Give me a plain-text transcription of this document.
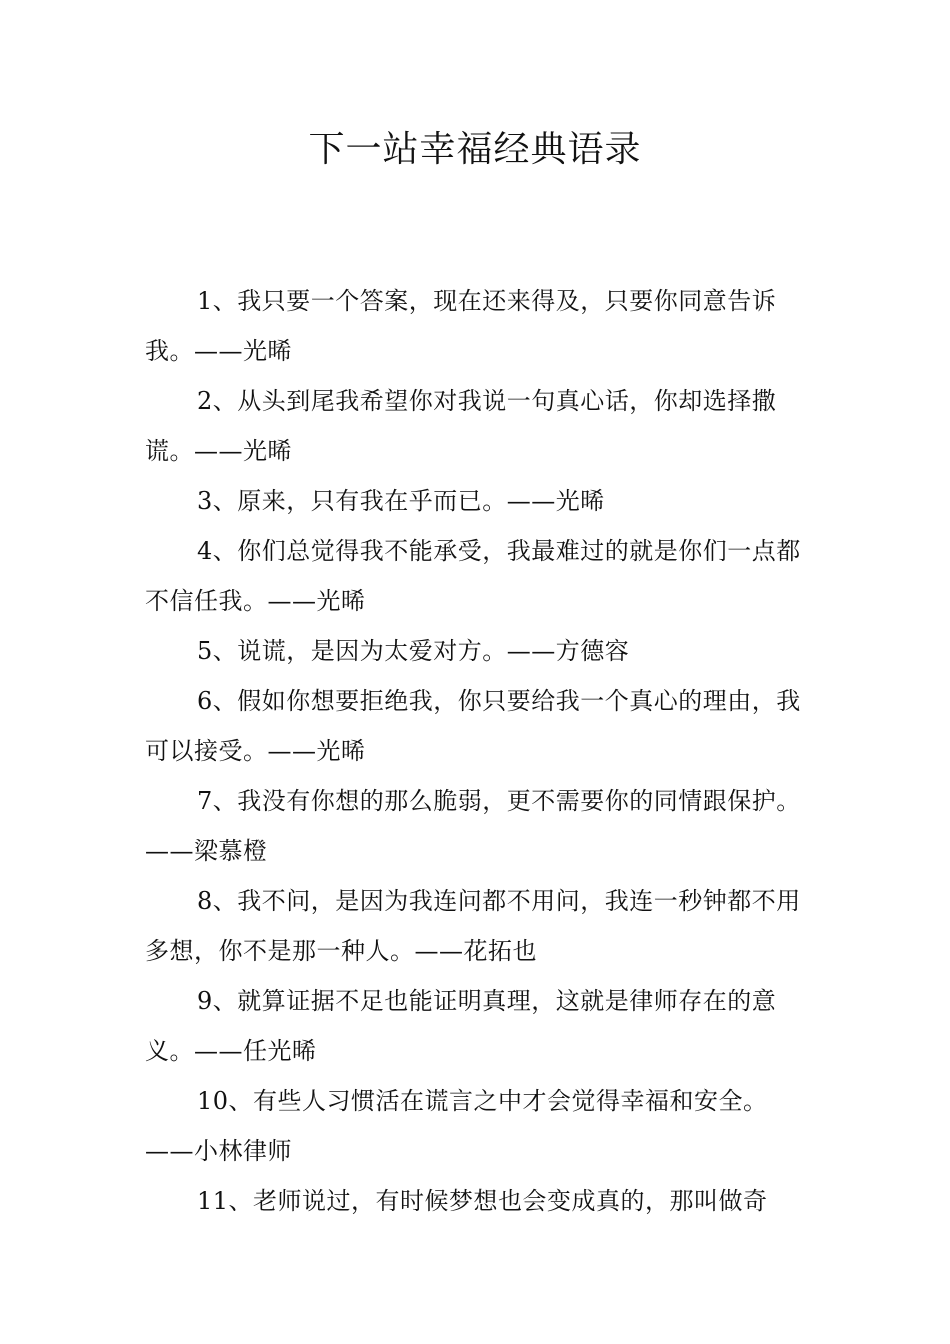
下一站幸福经典语录

1、我只要一个答案，现在还来得及，只要你同意告诉我。——光晞

2、从头到尾我希望你对我说一句真心话，你却选择撒谎。——光晞

3、原来，只有我在乎而已。——光晞

4、你们总觉得我不能承受，我最难过的就是你们一点都不信任我。——光晞

5、说谎，是因为太爱对方。——方德容

6、假如你想要拒绝我，你只要给我一个真心的理由，我可以接受。——光晞

7、我没有你想的那么脆弱，更不需要你的同情跟保护。——梁慕橙

8、我不问，是因为我连问都不用问，我连一秒钟都不用多想，你不是那一种人。——花拓也

9、就算证据不足也能证明真理，这就是律师存在的意义。——任光晞

10、有些人习惯活在谎言之中才会觉得幸福和安全。——小林律师

11、老师说过，有时候梦想也会变成真的，那叫做奇
